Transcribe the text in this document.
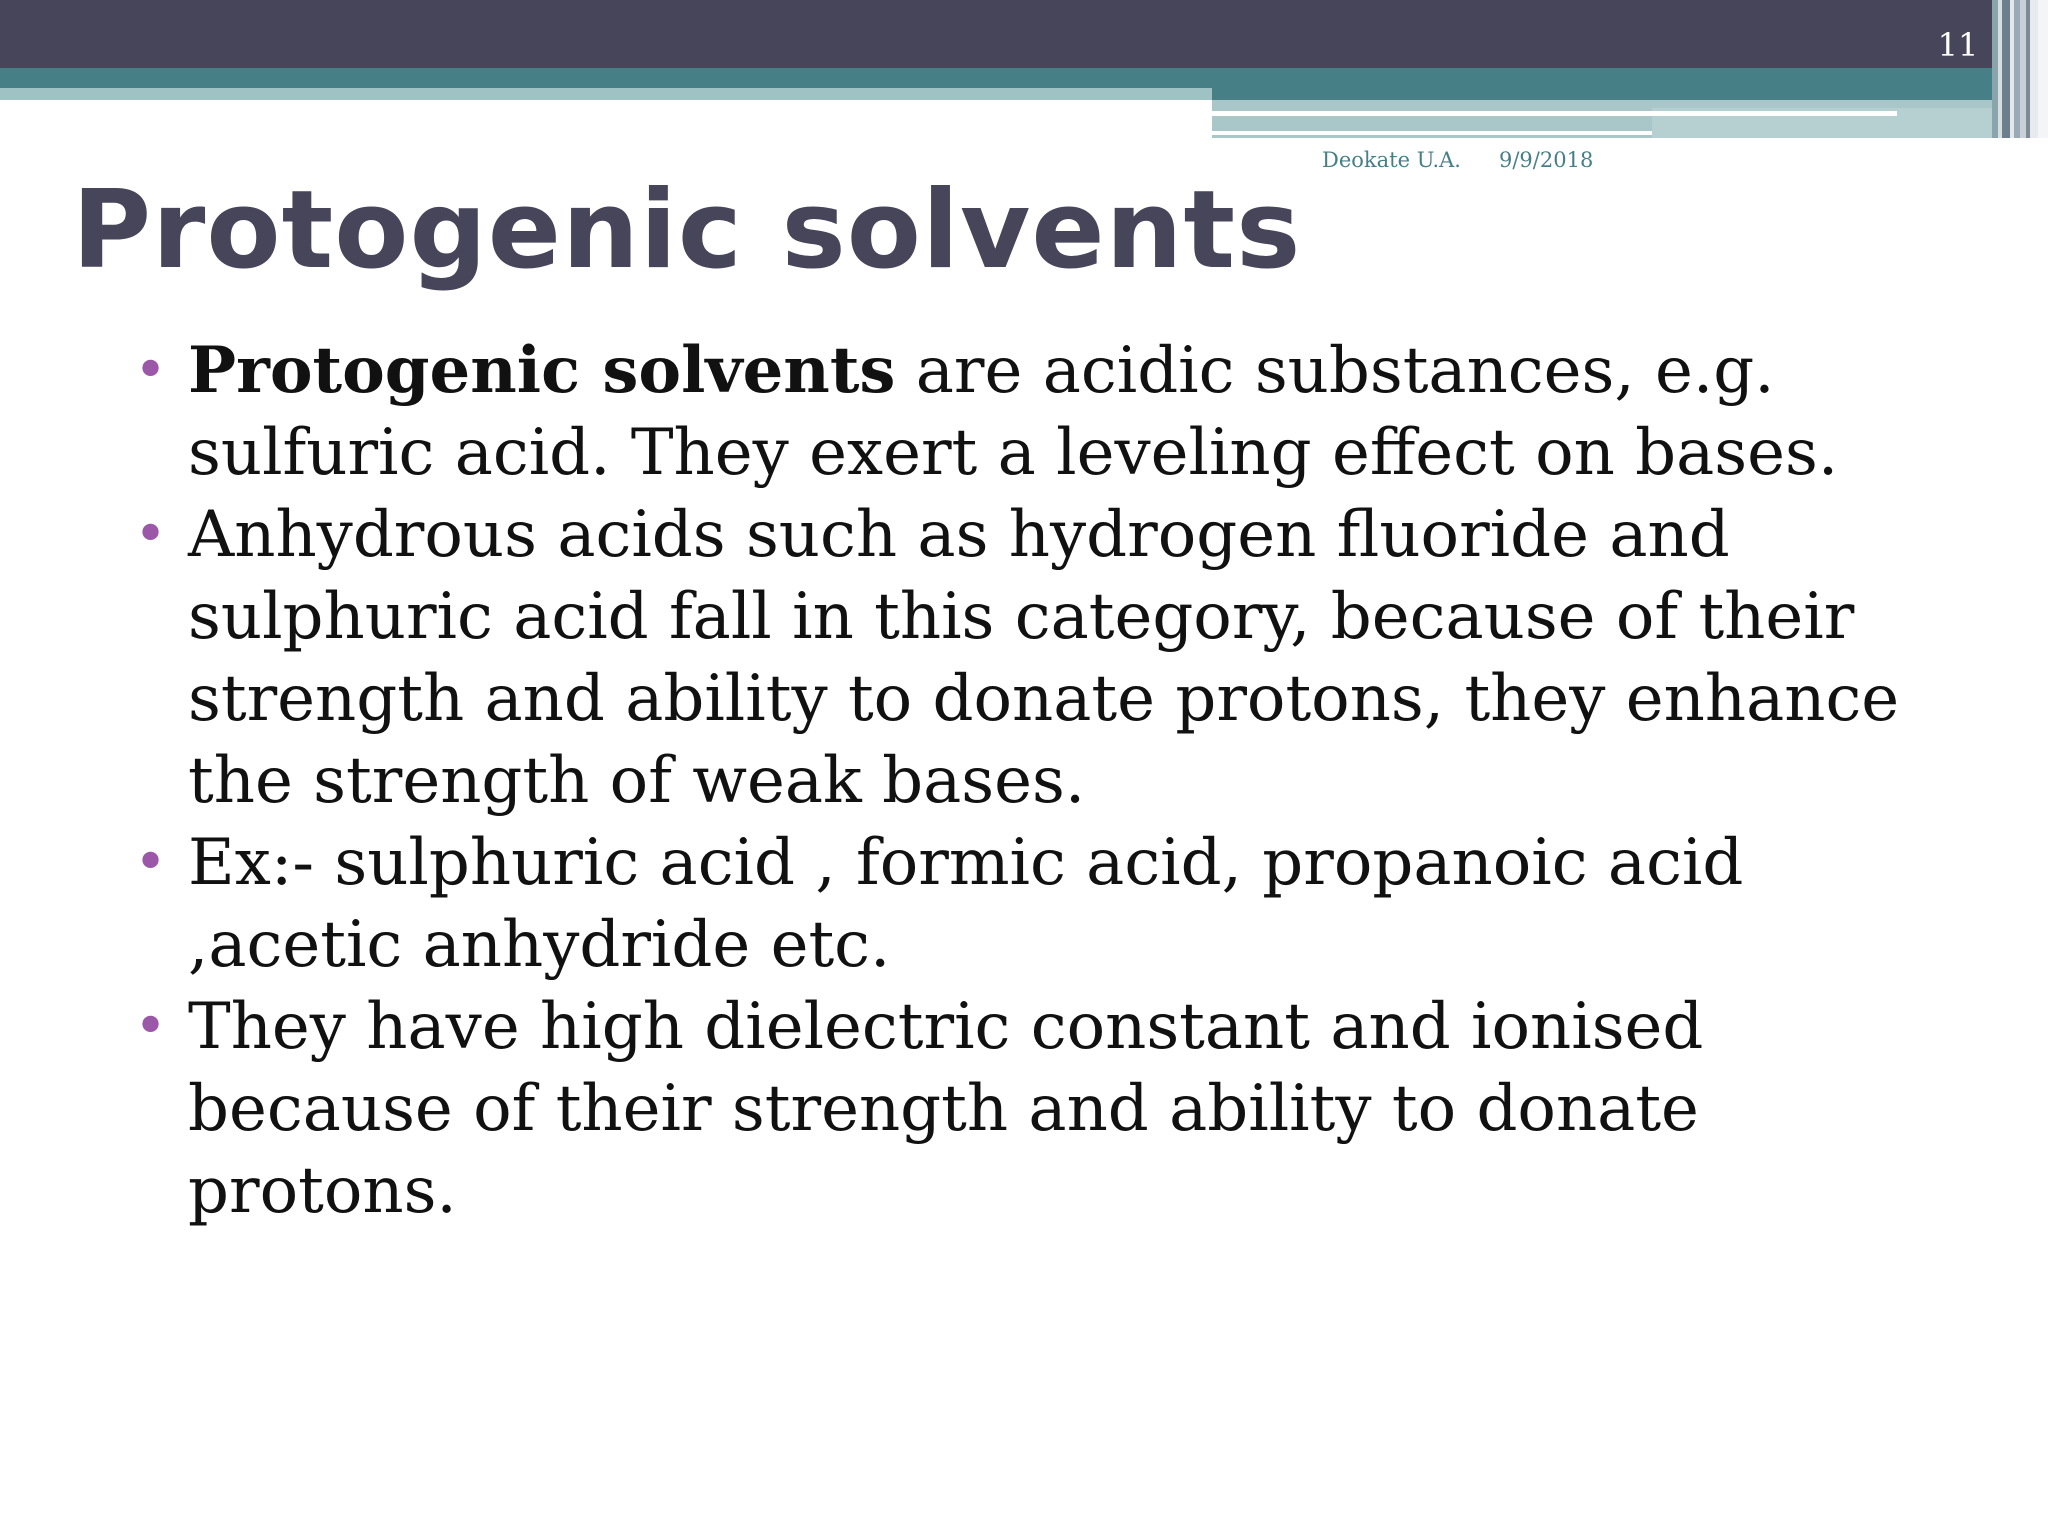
11
Deokate U.A. 9/9/2018
Protogenic solvents
• Protogenic solvents are acidic substances, e.g. sulfuric acid. They exert a leveling effect on bases.
• Anhydrous acids such as hydrogen fluoride and sulphuric acid fall in this category, because of their strength and ability to donate protons, they enhance the strength of weak bases.
• Ex:- sulphuric acid , formic acid, propanoic acid ,acetic anhydride etc.
• They have high dielectric constant and ionised because of their strength and ability to donate protons.
